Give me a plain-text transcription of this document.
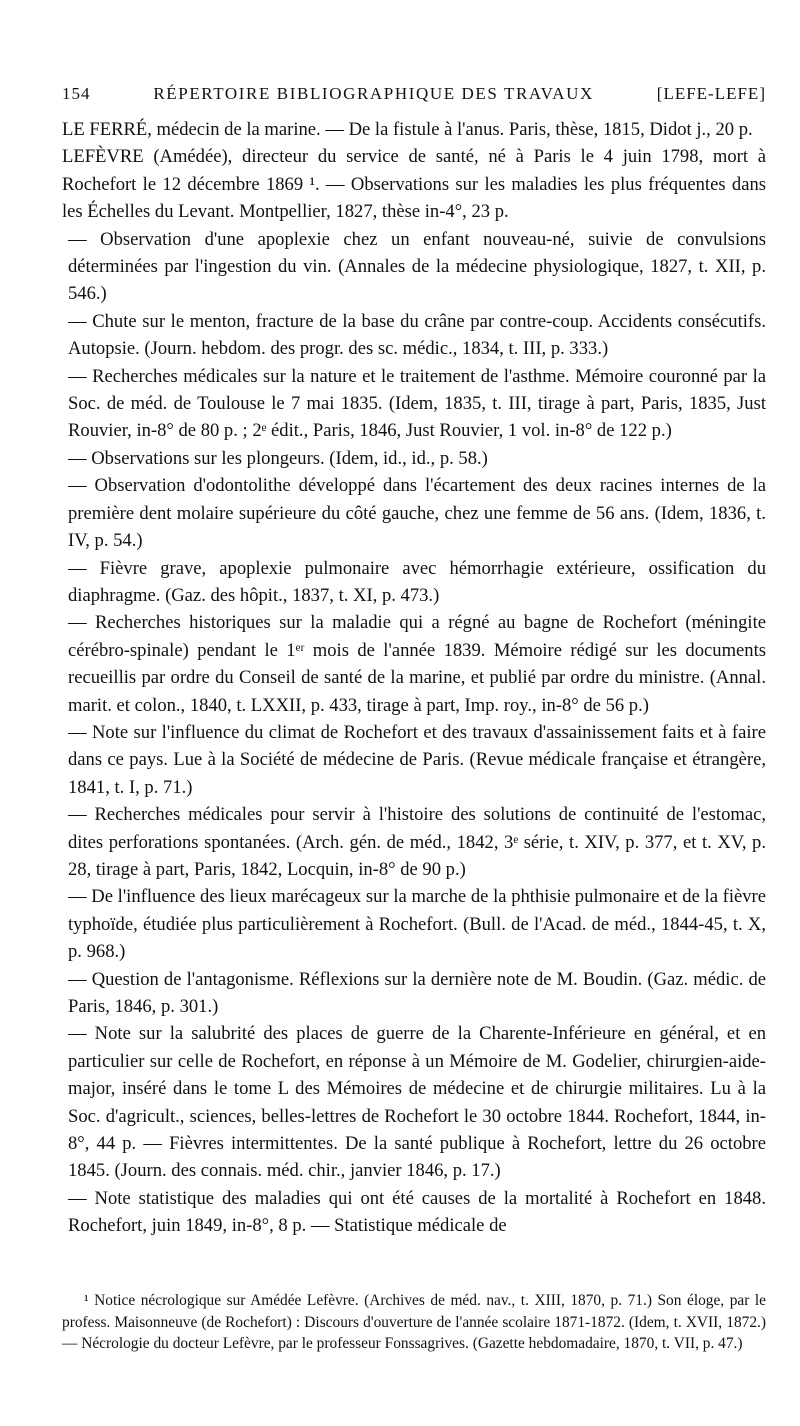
154	RÉPERTOIRE BIBLIOGRAPHIQUE DES TRAVAUX	[LEFE-LEFE]

LE FERRÉ, médecin de la marine. — De la fistule à l'anus. Paris, thèse, 1815, Didot j., 20 p.

LEFÈVRE (Amédée), directeur du service de santé, né à Paris le 4 juin 1798, mort à Rochefort le 12 décembre 1869 ¹. — Observations sur les maladies les plus fréquentes dans les Échelles du Levant. Montpellier, 1827, thèse in-4°, 23 p.

— Observation d'une apoplexie chez un enfant nouveau-né, suivie de convulsions déterminées par l'ingestion du vin. (Annales de la médecine physiologique, 1827, t. XII, p. 546.)

— Chute sur le menton, fracture de la base du crâne par contre-coup. Accidents consécutifs. Autopsie. (Journ. hebdom. des progr. des sc. médic., 1834, t. III, p. 333.)

— Recherches médicales sur la nature et le traitement de l'asthme. Mémoire couronné par la Soc. de méd. de Toulouse le 7 mai 1835. (Idem, 1835, t. III, tirage à part, Paris, 1835, Just Rouvier, in-8° de 80 p. ; 2ᵉ édit., Paris, 1846, Just Rouvier, 1 vol. in-8° de 122 p.)

— Observations sur les plongeurs. (Idem, id., id., p. 58.)

— Observation d'odontolithe développé dans l'écartement des deux racines internes de la première dent molaire supérieure du côté gauche, chez une femme de 56 ans. (Idem, 1836, t. IV, p. 54.)

— Fièvre grave, apoplexie pulmonaire avec hémorrhagie extérieure, ossification du diaphragme. (Gaz. des hôpit., 1837, t. XI, p. 473.)

— Recherches historiques sur la maladie qui a régné au bagne de Rochefort (méningite cérébro-spinale) pendant le 1ᵉʳ mois de l'année 1839. Mémoire rédigé sur les documents recueillis par ordre du Conseil de santé de la marine, et publié par ordre du ministre. (Annal. marit. et colon., 1840, t. LXXII, p. 433, tirage à part, Imp. roy., in-8° de 56 p.)

— Note sur l'influence du climat de Rochefort et des travaux d'assainissement faits et à faire dans ce pays. Lue à la Société de médecine de Paris. (Revue médicale française et étrangère, 1841, t. I, p. 71.)

— Recherches médicales pour servir à l'histoire des solutions de continuité de l'estomac, dites perforations spontanées. (Arch. gén. de méd., 1842, 3ᵉ série, t. XIV, p. 377, et t. XV, p. 28, tirage à part, Paris, 1842, Locquin, in-8° de 90 p.)

— De l'influence des lieux marécageux sur la marche de la phthisie pulmonaire et de la fièvre typhoïde, étudiée plus particulièrement à Rochefort. (Bull. de l'Acad. de méd., 1844-45, t. X, p. 968.)

— Question de l'antagonisme. Réflexions sur la dernière note de M. Boudin. (Gaz. médic. de Paris, 1846, p. 301.)

— Note sur la salubrité des places de guerre de la Charente-Inférieure en général, et en particulier sur celle de Rochefort, en réponse à un Mémoire de M. Godelier, chirurgien-aide-major, inséré dans le tome L des Mémoires de médecine et de chirurgie militaires. Lu à la Soc. d'agricult., sciences, belles-lettres de Rochefort le 30 octobre 1844. Rochefort, 1844, in-8°, 44 p. — Fièvres intermittentes. De la santé publique à Rochefort, lettre du 26 octobre 1845. (Journ. des connais. méd. chir., janvier 1846, p. 17.)

— Note statistique des maladies qui ont été causes de la mortalité à Rochefort en 1848. Rochefort, juin 1849, in-8°, 8 p. — Statistique médicale de

¹ Notice nécrologique sur Amédée Lefèvre. (Archives de méd. nav., t. XIII, 1870, p. 71.) Son éloge, par le profess. Maisonneuve (de Rochefort) : Discours d'ouverture de l'année scolaire 1871-1872. (Idem, t. XVII, 1872.) — Nécrologie du docteur Lefèvre, par le professeur Fonssagrives. (Gazette hebdomadaire, 1870, t. VII, p. 47.)
